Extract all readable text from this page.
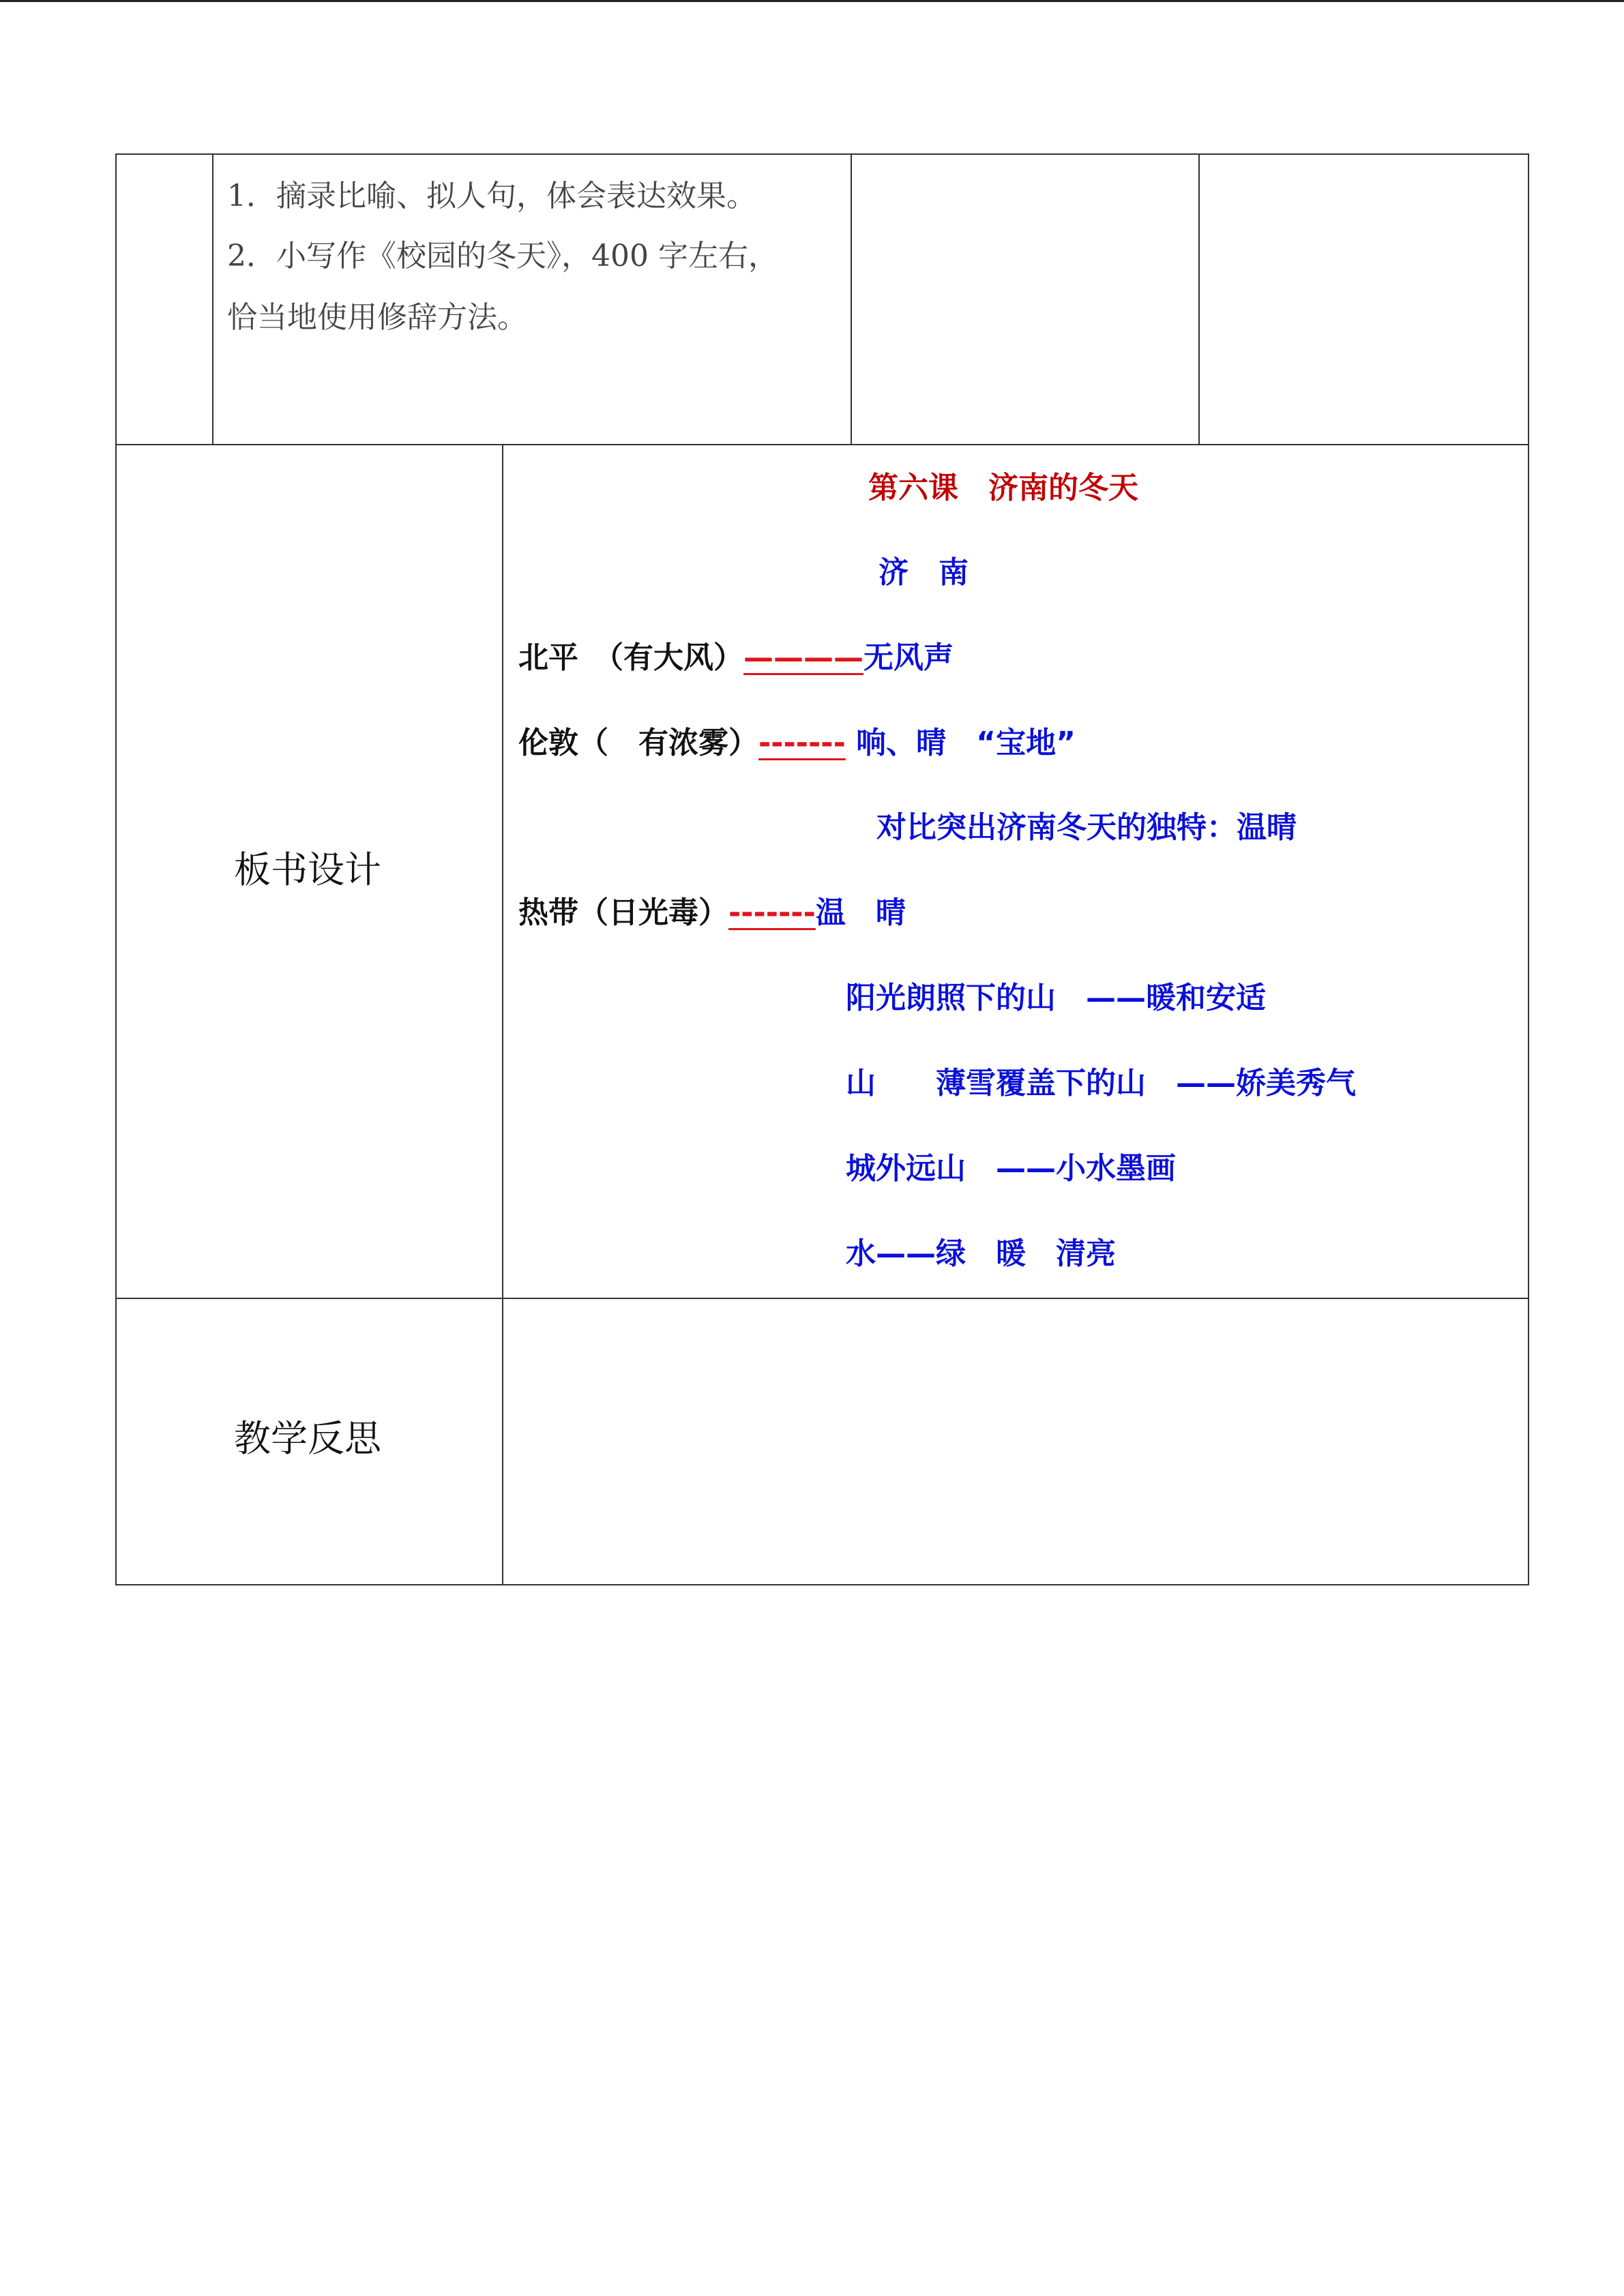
1．摘录比喻、拟人句，体会表达效果。
2．小写作《校园的冬天》，400 字左右，
恰当地使用修辞方法。
板书设计
第六课　济南的冬天
济　南
北平　（有大风）————无风声
伦敦（　有浓雾）------- 响、晴　“宝地”
对比突出济南冬天的独特：温晴
热带（日光毒）-------温　晴
阳光朗照下的山　——暖和安适
山　　薄雪覆盖下的山　——娇美秀气
城外远山　——小水墨画
水——绿　暖　清亮
教学反思
